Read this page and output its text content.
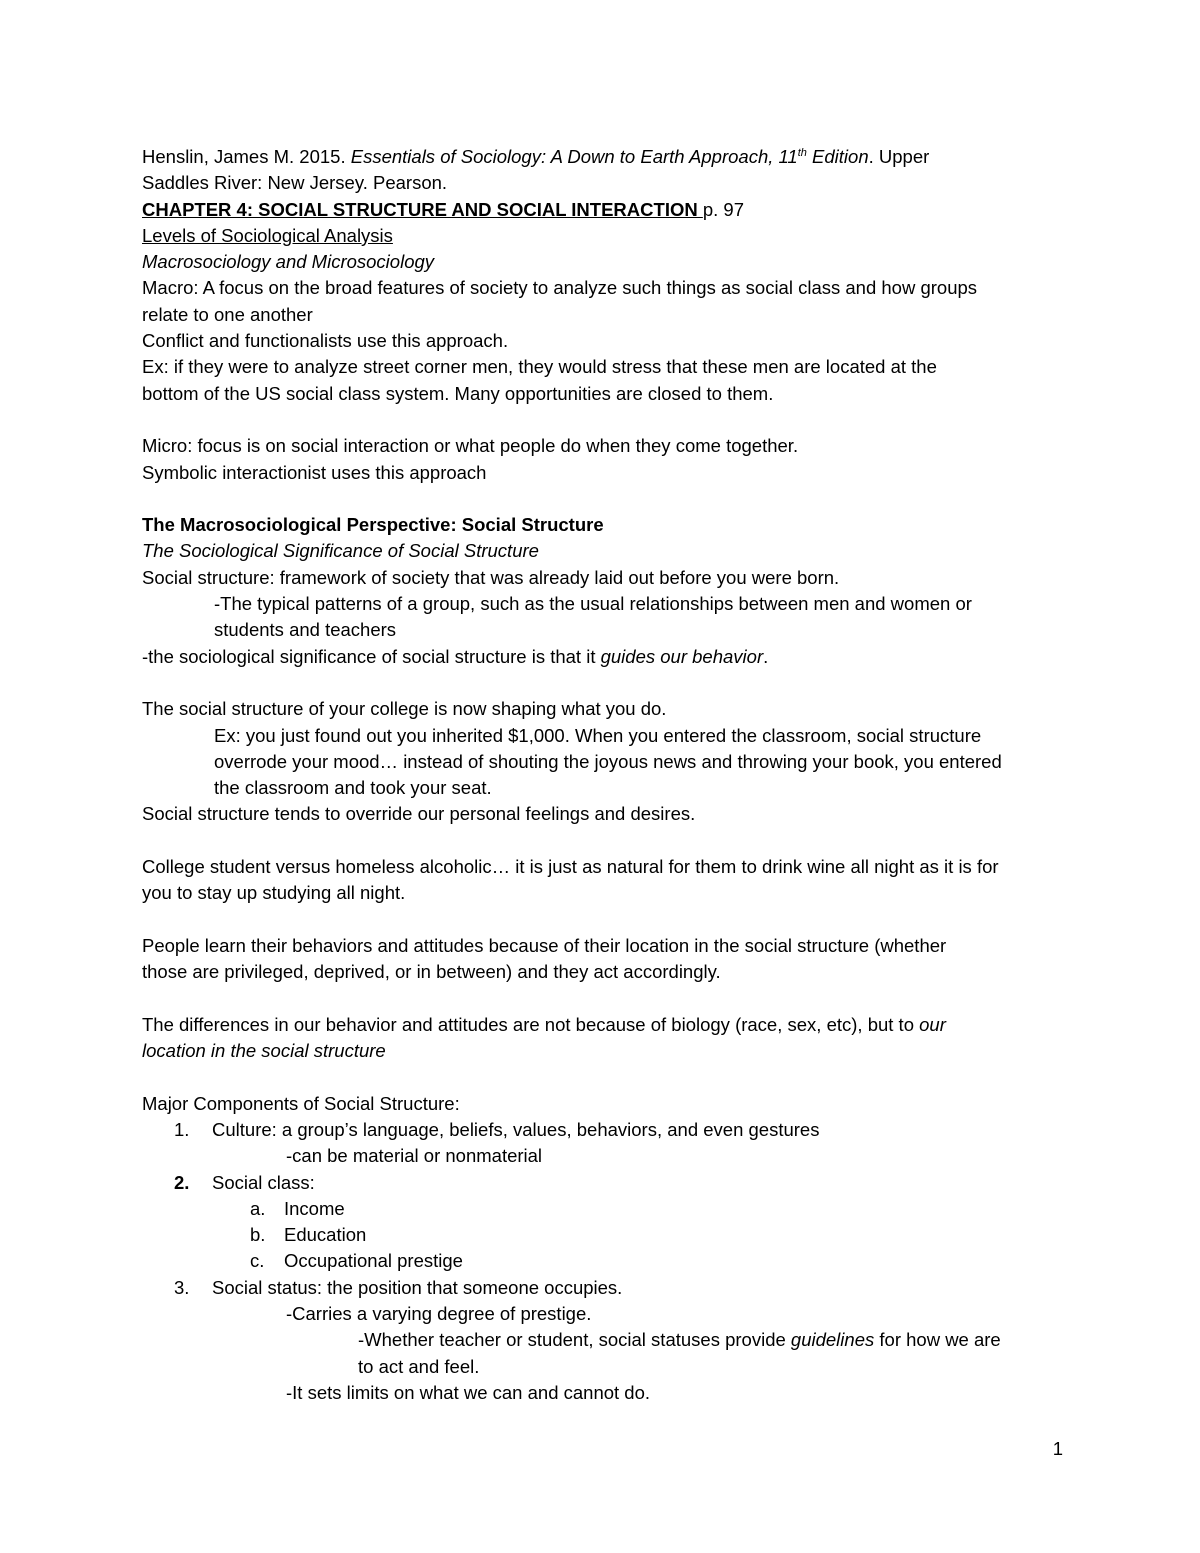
Henslin, James M. 2015. Essentials of Sociology: A Down to Earth Approach, 11th Edition. Upper

Saddles River: New Jersey. Pearson.

CHAPTER 4: SOCIAL STRUCTURE AND SOCIAL INTERACTION p. 97

Levels of Sociological Analysis

Macrosociology and Microsociology

Macro: A focus on the broad features of society to analyze such things as social class and how groups

relate to one another

Conflict and functionalists use this approach.

Ex: if they were to analyze street corner men, they would stress that these men are located at the

bottom of the US social class system. Many opportunities are closed to them.

Micro: focus is on social interaction or what people do when they come together.

Symbolic interactionist uses this approach

The Macrosociological Perspective: Social Structure

The Sociological Significance of Social Structure

Social structure: framework of society that was already laid out before you were born.

-The typical patterns of a group, such as the usual relationships between men and women or

students and teachers

-the sociological significance of social structure is that it guides our behavior.

The social structure of your college is now shaping what you do.

Ex: you just found out you inherited $1,000. When you entered the classroom, social structure

overrode your mood… instead of shouting the joyous news and throwing your book, you entered

the classroom and took your seat.

Social structure tends to override our personal feelings and desires.

College student versus homeless alcoholic… it is just as natural for them to drink wine all night as it is for

you to stay up studying all night.

People learn their behaviors and attitudes because of their location in the social structure (whether

those are privileged, deprived, or in between) and they act accordingly.

The differences in our behavior and attitudes are not because of biology (race, sex, etc), but to our

location in the social structure

Major Components of Social Structure:

1.	Culture: a group’s language, beliefs, values, behaviors, and even gestures

-can be material or nonmaterial

2.	Social class:
a.	Income
b.	Education
c.	Occupational prestige
3.	Social status: the position that someone occupies.

-Carries a varying degree of prestige.

-Whether teacher or student, social statuses provide guidelines for how we are

to act and feel.

-It sets limits on what we can and cannot do.

1
